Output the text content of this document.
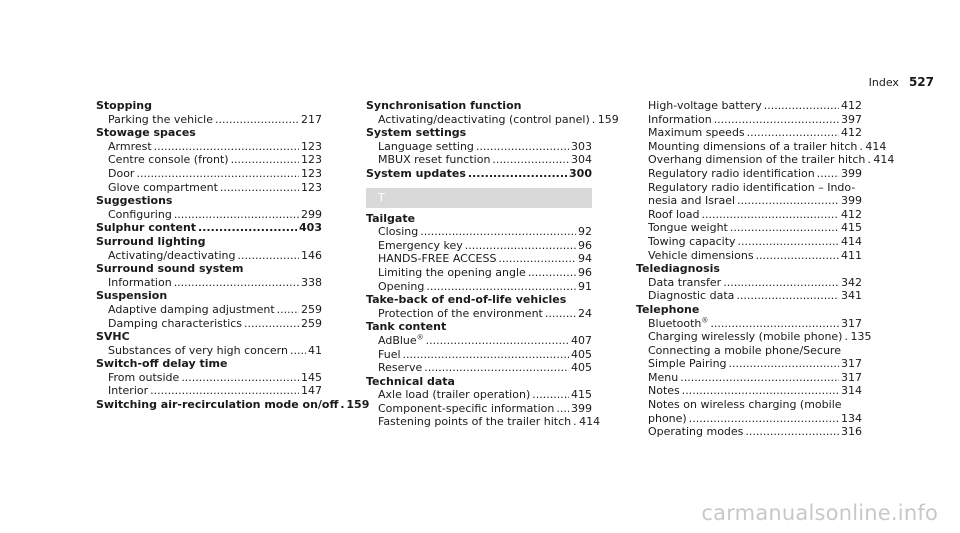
Index 527
Stopping
Parking the vehicle .....	217
Stowage spaces
Armrest .....	123
Centre console (front) .....	123
Door .....	123
Glove compartment .....	123
Suggestions
Configuring .....	299
Sulphur content .....	403
Surround lighting
Activating/deactivating .....	146
Surround sound system
Information .....	338
Suspension
Adaptive damping adjustment ..... 259
Damping characteristics .....	259
SVHC
Substances of very high concern ..... 41
Switch-off delay time
From outside .....	145
Interior .....	147
Switching air-recirculation mode on/off ..... 159
Synchronisation function
Activating/deactivating (control panel) ..... 159
System settings
Language setting .....	303
MBUX reset function .....	304
System updates .....	300
T
Tailgate
Closing .....	92
Emergency key .....	96
HANDS-FREE ACCESS .....	94
Limiting the opening angle .....	96
Opening .....	91
Take-back of end-of-life vehicles
Protection of the environment .....	24
Tank content
AdBlue® .....	407
Fuel .....	405
Reserve .....	405
Technical data
Axle load (trailer operation) .....	415
Component-specific information ..... 399
Fastening points of the trailer hitch ..... 414
High-voltage battery .....	412
Information .....	397
Maximum speeds .....	412
Mounting dimensions of a trailer hitch ..... 414
Overhang dimension of the trailer hitch ..... 414
Regulatory radio identification ..... 399
Regulatory radio identification – Indo-
nesia and Israel .....	399
Roof load .....	412
Tongue weight .....	415
Towing capacity .....	414
Vehicle dimensions .....	411
Telediagnosis
Data transfer .....	342
Diagnostic data .....	341
Telephone
Bluetooth® .....	317
Charging wirelessly (mobile phone) ..... 135
Connecting a mobile phone/Secure
Simple Pairing .....	317
Menu .....	317
Notes .....	314
Notes on wireless charging (mobile
phone) .....	134
Operating modes .....	316
carmanualsonline.info
